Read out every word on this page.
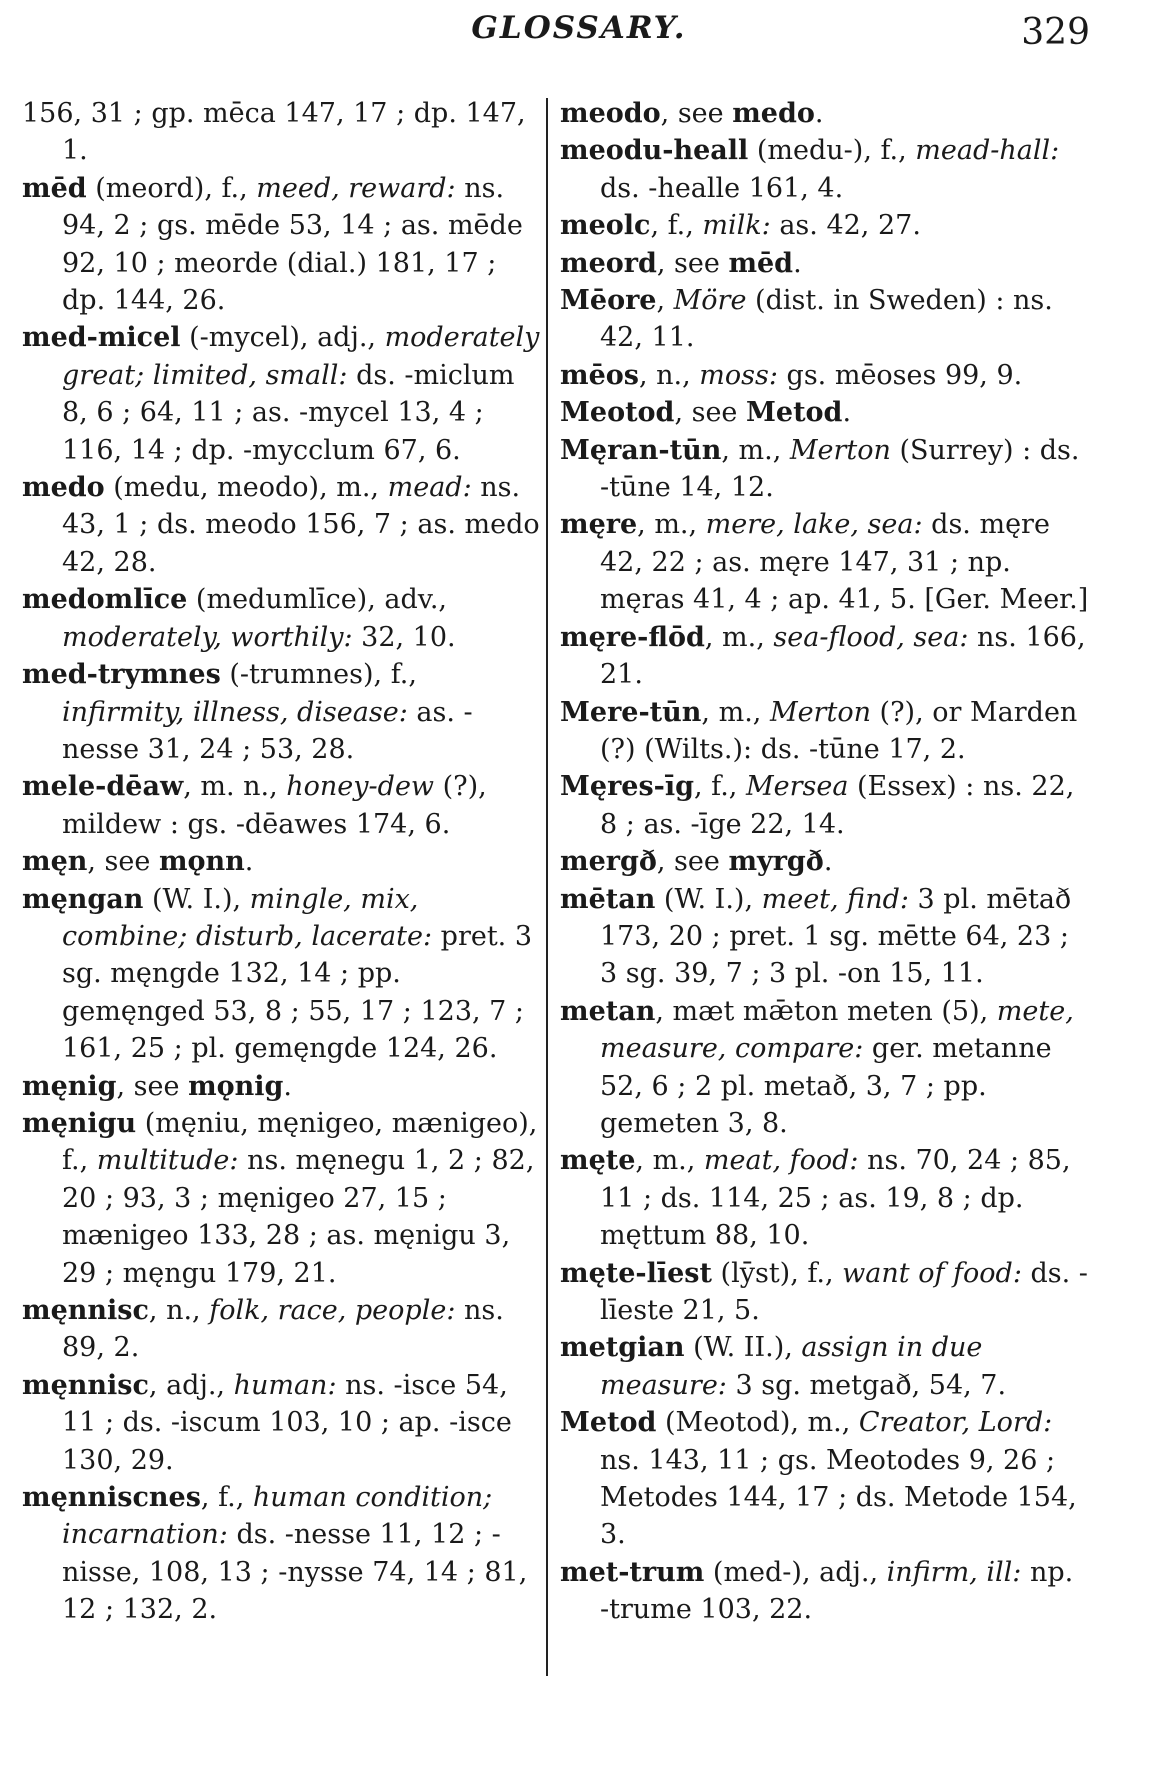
GLOSSARY.	329

156, 31 ; gp. mēca 147, 17 ; dp. 147, 1.

mēd (meord), f., meed, reward: ns. 94, 2 ; gs. mēde 53, 14 ; as. mēde 92, 10 ; meorde (dial.) 181, 17 ; dp. 144, 26.

med-micel (-mycel), adj., moderately great; limited, small: ds. -miclum 8, 6 ; 64, 11 ; as. -mycel 13, 4 ; 116, 14 ; dp. -mycclum 67, 6.

medo (medu, meodo), m., mead: ns. 43, 1 ; ds. meodo 156, 7 ; as. medo 42, 28.

medomlīce (medumlīce), adv., moderately, worthily: 32, 10.

med-trymnes (-trumnes), f., infirmity, illness, disease: as. -nesse 31, 24 ; 53, 28.

mele-dēaw, m. n., honey-dew (?), mildew : gs. -dēawes 174, 6.

męn, see mǫnn.

męngan (W. I.), mingle, mix, combine; disturb, lacerate: pret. 3 sg. męngde 132, 14 ; pp. gemęnged 53, 8 ; 55, 17 ; 123, 7 ; 161, 25 ; pl. gemęngde 124, 26.

męnig, see mǫnig.

męnigu (męniu, męnigeo, mænigeo), f., multitude: ns. męnegu 1, 2 ; 82, 20 ; 93, 3 ; męnigeo 27, 15 ; mænigeo 133, 28 ; as. męnigu 3, 29 ; męngu 179, 21.

męnnisc, n., folk, race, people: ns. 89, 2.

męnnisc, adj., human: ns. -isce 54, 11 ; ds. -iscum 103, 10 ; ap. -isce 130, 29.

męnniscnes, f., human condition; incarnation: ds. -nesse 11, 12 ; -nisse, 108, 13 ; -nysse 74, 14 ; 81, 12 ; 132, 2.

meodo, see medo.

meodu-heall (medu-), f., mead-hall: ds. -healle 161, 4.

meolc, f., milk: as. 42, 27.

meord, see mēd.

Mēore, Möre (dist. in Sweden) : ns. 42, 11.

mēos, n., moss: gs. mēoses 99, 9.

Meotod, see Metod.

Męran-tūn, m., Merton (Surrey) : ds. -tūne 14, 12.

męre, m., mere, lake, sea: ds. męre 42, 22 ; as. męre 147, 31 ; np. męras 41, 4 ; ap. 41, 5. [Ger. Meer.]

męre-flōd, m., sea-flood, sea: ns. 166, 21.

Mere-tūn, m., Merton (?), or Marden (?) (Wilts.): ds. -tūne 17, 2.

Męres-īg, f., Mersea (Essex) : ns. 22, 8 ; as. -īge 22, 14.

mergð, see myrgð.

mētan (W. I.), meet, find: 3 pl. mētað 173, 20 ; pret. 1 sg. mētte 64, 23 ; 3 sg. 39, 7 ; 3 pl. -on 15, 11.

metan, mæt mǣton meten (5), mete, measure, compare: ger. metanne 52, 6 ; 2 pl. metað, 3, 7 ; pp. gemeten 3, 8.

męte, m., meat, food: ns. 70, 24 ; 85, 11 ; ds. 114, 25 ; as. 19, 8 ; dp. męttum 88, 10.

męte-līest (lȳst), f., want of food: ds. -līeste 21, 5.

metgian (W. II.), assign in due measure: 3 sg. metgað, 54, 7.

Metod (Meotod), m., Creator, Lord: ns. 143, 11 ; gs. Meotodes 9, 26 ; Metodes 144, 17 ; ds. Metode 154, 3.

met-trum (med-), adj., infirm, ill: np. -trume 103, 22.
